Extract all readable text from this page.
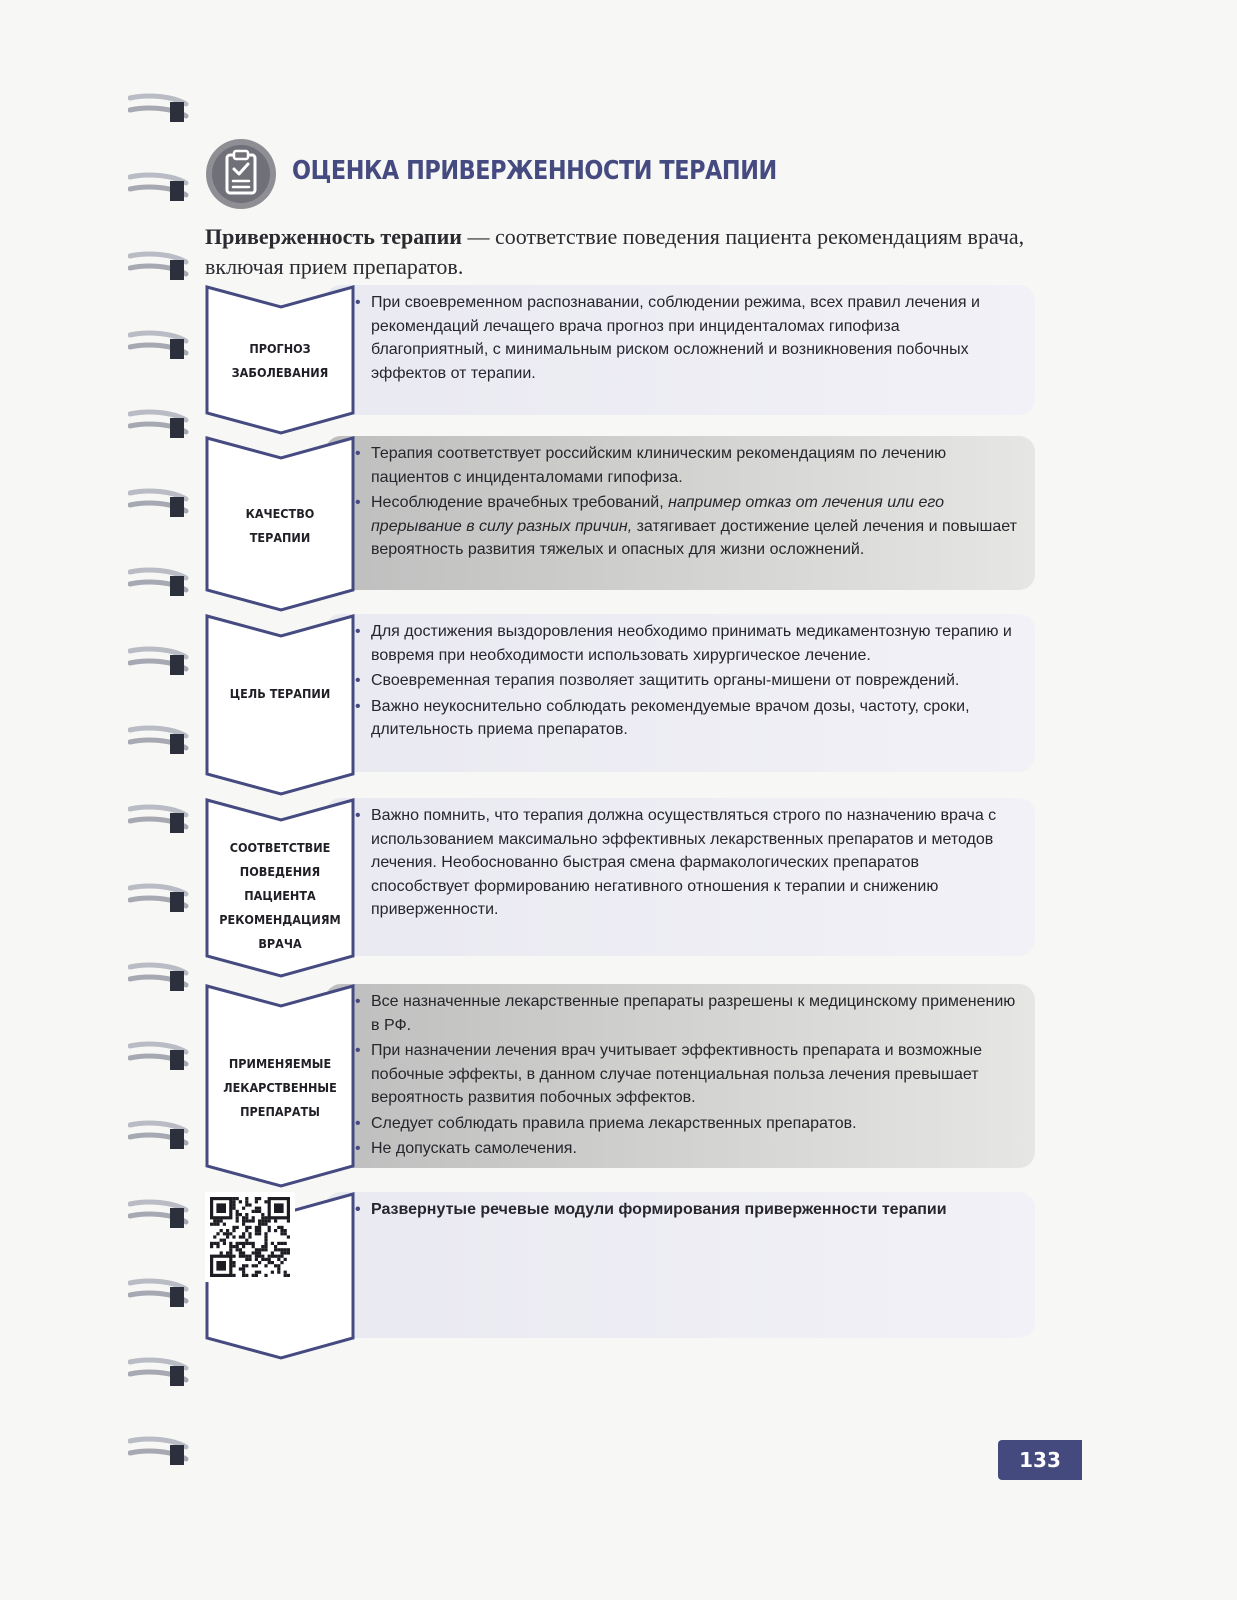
ОЦЕНКА ПРИВЕРЖЕННОСТИ ТЕРАПИИ
Приверженность терапии — соответствие поведения пациента рекомендациям врача, включая прием препаратов.
• При своевременном распознавании, соблюдении режима, всех правил лечения и рекомендаций лечащего врача прогноз при инциденталомах гипофиза благоприятный, с минимальным риском осложнений и возникновения побочных эффектов от терапии.
ПРОГНОЗ
ЗАБОЛЕВАНИЯ
• Терапия соответствует российским клиническим рекомендациям по лечению пациентов с инциденталомами гипофиза.
• Несоблюдение врачебных требований, например отказ от лечения или его прерывание в силу разных причин, затягивает достижение целей лечения и повышает вероятность развития тяжелых и опасных для жизни осложнений.
КАЧЕСТВО
ТЕРАПИИ
• Для достижения выздоровления необходимо принимать медикаментозную терапию и вовремя при необходимости использовать хирургическое лечение.
• Своевременная терапия позволяет защитить органы-мишени от повреждений.
• Важно неукоснительно соблюдать рекомендуемые врачом дозы, частоту, сроки, длительность приема препаратов.
ЦЕЛЬ ТЕРАПИИ
• Важно помнить, что терапия должна осуществляться строго по назначению врача с использованием максимально эффективных лекарственных препаратов и методов лечения. Необоснованно быстрая смена фармакологических препаратов способствует формированию негативного отношения к терапии и снижению приверженности.
СООТВЕТСТВИЕ
ПОВЕДЕНИЯ
ПАЦИЕНТА
РЕКОМЕНДАЦИЯМ
ВРАЧА
• Все назначенные лекарственные препараты разрешены к медицинскому применению в РФ.
• При назначении лечения врач учитывает эффективность препарата и возможные побочные эффекты, в данном случае потенциальная польза лечения превышает вероятность развития побочных эффектов.
• Следует соблюдать правила приема лекарственных препаратов.
• Не допускать самолечения.
ПРИМЕНЯЕМЫЕ
ЛЕКАРСТВЕННЫЕ
ПРЕПАРАТЫ
• Развернутые речевые модули формирования приверженности терапии
133
